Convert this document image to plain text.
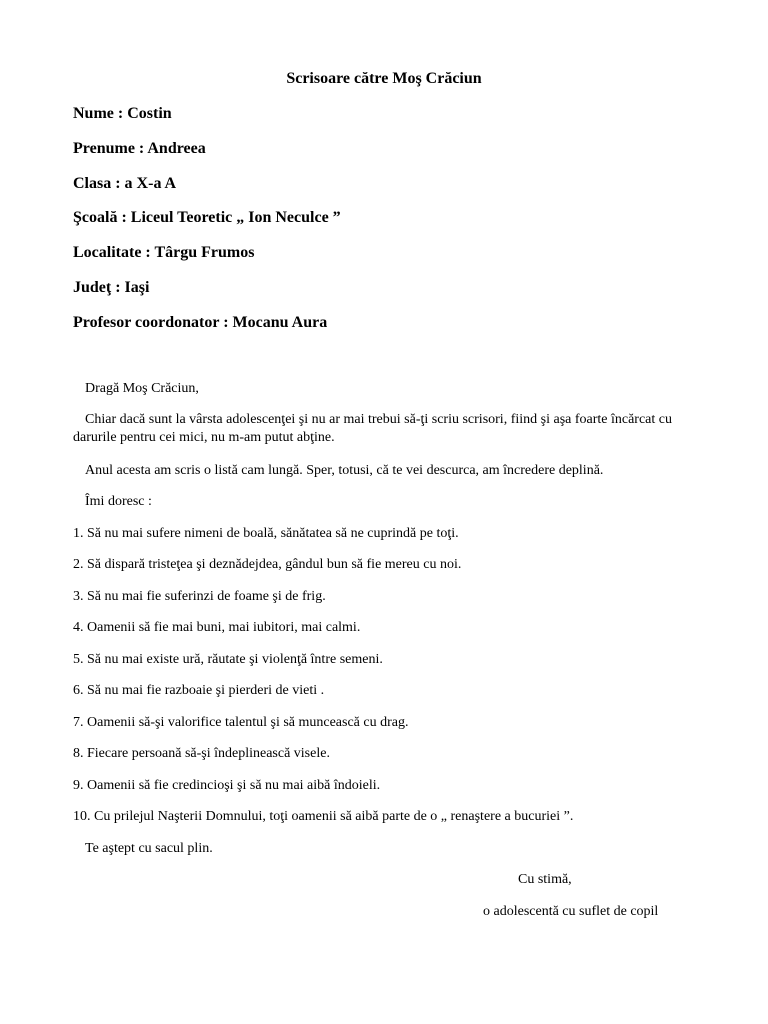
Scrisoare către Moş Crăciun
Nume : Costin
Prenume : Andreea
Clasa : a X-a A
Şcoală : Liceul Teoretic „ Ion Neculce ”
Localitate : Târgu Frumos
Judeţ : Iaşi
Profesor coordonator : Mocanu Aura
Dragă Moş Crăciun,
Chiar dacă sunt la vârsta adolescenţei şi nu ar mai trebui să-ţi scriu scrisori, fiind şi aşa foarte încărcat cu darurile pentru cei mici, nu m-am putut abţine.
Anul acesta am scris o listă cam lungă. Sper, totusi, că te vei descurca, am încredere deplină.
Îmi doresc :
1. Să nu mai sufere nimeni de boală, sănătatea să ne cuprindă pe toţi.
2. Să dispară tristeţea şi deznădejdea, gândul bun să fie mereu cu noi.
3. Să nu mai fie suferinzi de foame şi de frig.
4. Oamenii să fie mai buni, mai iubitori, mai calmi.
5. Să nu mai existe ură, răutate şi violenţă între semeni.
6. Să nu mai fie razboaie şi pierderi de vieti .
7. Oamenii să-şi valorifice talentul şi să muncească cu drag.
8. Fiecare persoană să-şi îndeplinească visele.
9. Oamenii să fie credincioşi şi să nu mai aibă îndoieli.
10. Cu prilejul Naşterii Domnului, toţi oamenii să aibă parte de o „ renaştere a bucuriei ”.
Te aştept cu sacul plin.
Cu stimă,
o adolescentă cu suflet de copil
